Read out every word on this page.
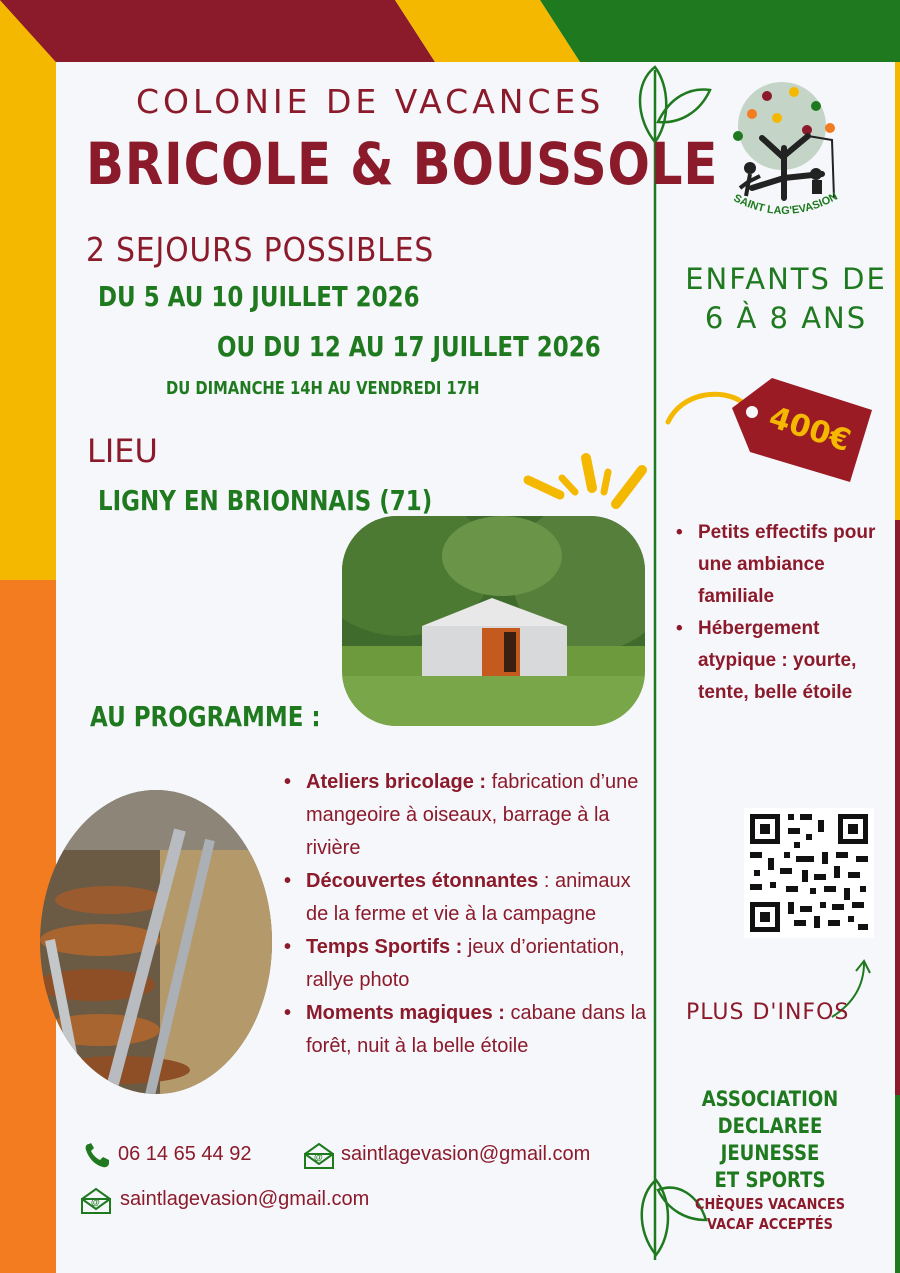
COLONIE DE VACANCES
BRICOLE & BOUSSOLE
2 SEJOURS POSSIBLES
DU 5 AU 10 JUILLET 2026
OU DU 12 AU 17 JUILLET 2026
DU DIMANCHE 14H AU VENDREDI 17H
LIEU
LIGNY EN BRIONNAIS (71)
SAINT LAG'EVASION
ENFANTS DE
6 À 8 ANS
400€
• Petits effectifs pour une ambiance familiale
• Hébergement atypique : yourte, tente, belle étoile
AU PROGRAMME :
• Ateliers bricolage : fabrication d’une mangeoire à oiseaux, barrage à la rivière
• Découvertes étonnantes : animaux de la ferme et vie à la campagne
• Temps Sportifs : jeux d’orientation, rallye photo
• Moments magiques : cabane dans la forêt, nuit à la belle étoile
PLUS D'INFOS
ASSOCIATION
DECLAREE JEUNESSE
ET SPORTS
CHÈQUES VACANCES
VACAF ACCEPTÉS
06 14 65 44 92	@ saintlagevasion@gmail.com
@ saintlagevasion@gmail.com
